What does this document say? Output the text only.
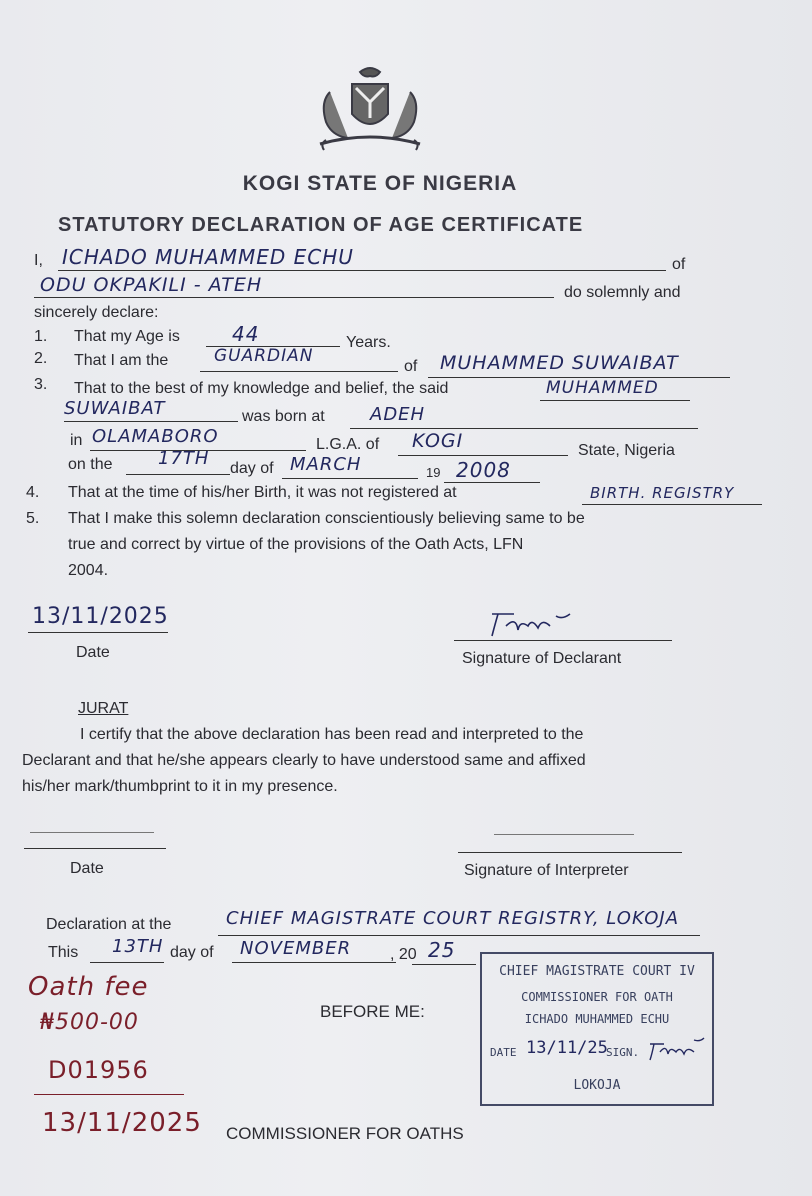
KOGI STATE OF NIGERIA
STATUTORY DECLARATION OF AGE CERTIFICATE
I, ICHADO MUHAMMED ECHU	of
ODU OKPAKILI - ATEH	do solemnly and
sincerely declare:
1. That my Age is	44	Years.
2. That I am the	GUARDIAN
of MUHAMMED SUWAIBAT
3. That to the best of my knowledge and belief, the said	MUHAMMED
SUWAIBAT	was born at	ADEH
in OLAMABORO	L.G.A. of KOGI	State, Nigeria
on the	17TH day of MARCH	19 2008
4. That at the time of his/her Birth, it was not registered at	BIRTH. REGISTRY
5. That I make this solemn declaration conscientiously believing same to be
true and correct by virtue of the provisions of the Oath Acts, LFN
2004.
13/11/2025
Date	Signature of Declarant
JURAT
I certify that the above declaration has been read and interpreted to the
Declarant and that he/she appears clearly to have understood same and affixed
his/her mark/thumbprint to it in my presence.
Date	Signature of Interpreter
Declaration at the	CHIEF MAGISTRATE COURT REGISTRY, LOKOJA
This 13TH day of NOVEMBER , 20 25
Oath fee
₦500-00
D01956
13/11/2025
BEFORE ME:
COMMISSIONER FOR OATHS
CHIEF MAGISTRATE COURT IV
COMMISSIONER FOR OATH
ICHADO MUHAMMED ECHU
DATE 13/11/25
SIGN.
LOKOJA
